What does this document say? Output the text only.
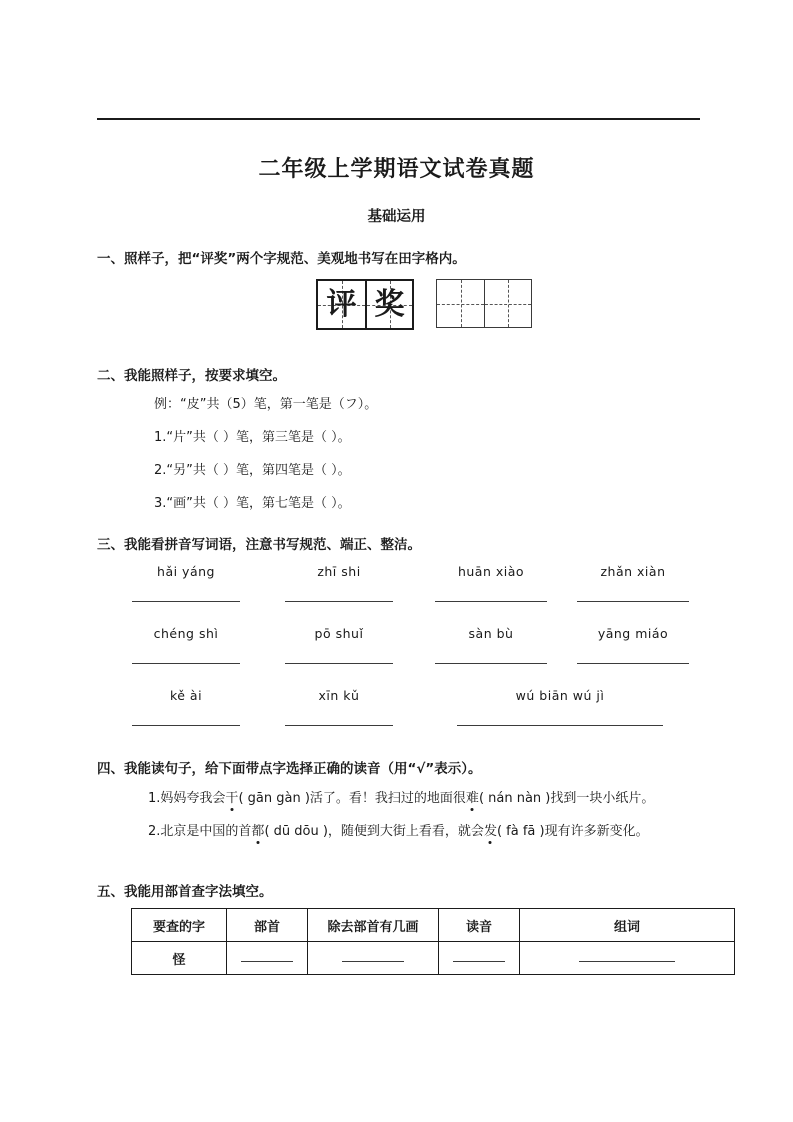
二年级上学期语文试卷真题
基础运用
一、照样子，把“评奖”两个字规范、美观地书写在田字格内。
评 奖
二、我能照样子，按要求填空。
例：“皮”共（5）笔，第一笔是（フ）。
1.“片”共（ ）笔，第三笔是（ ）。
2.“另”共（ ）笔，第四笔是（ ）。
3.“画”共（ ）笔，第七笔是（ ）。
三、我能看拼音写词语，注意书写规范、端正、整洁。
hǎi yáng	zhī shi	huān xiào	zhǎn xiàn
chéng shì	pō shuǐ	sàn bù	yāng miáo
kě ài	xīn kǔ	wú biān wú jì
四、我能读句子，给下面带点字选择正确的读音（用“√”表示）。
1.妈妈夸我会干( gān gàn )活了。看！我扫过的地面很难( nán nàn )找到一块小纸片。
2.北京是中国的首都( dū dōu )，随便到大街上看看，就会发( fà fā )现有许多新变化。
五、我能用部首查字法填空。
要查的字	部首	除去部首有几画	读音	组词
怪				
